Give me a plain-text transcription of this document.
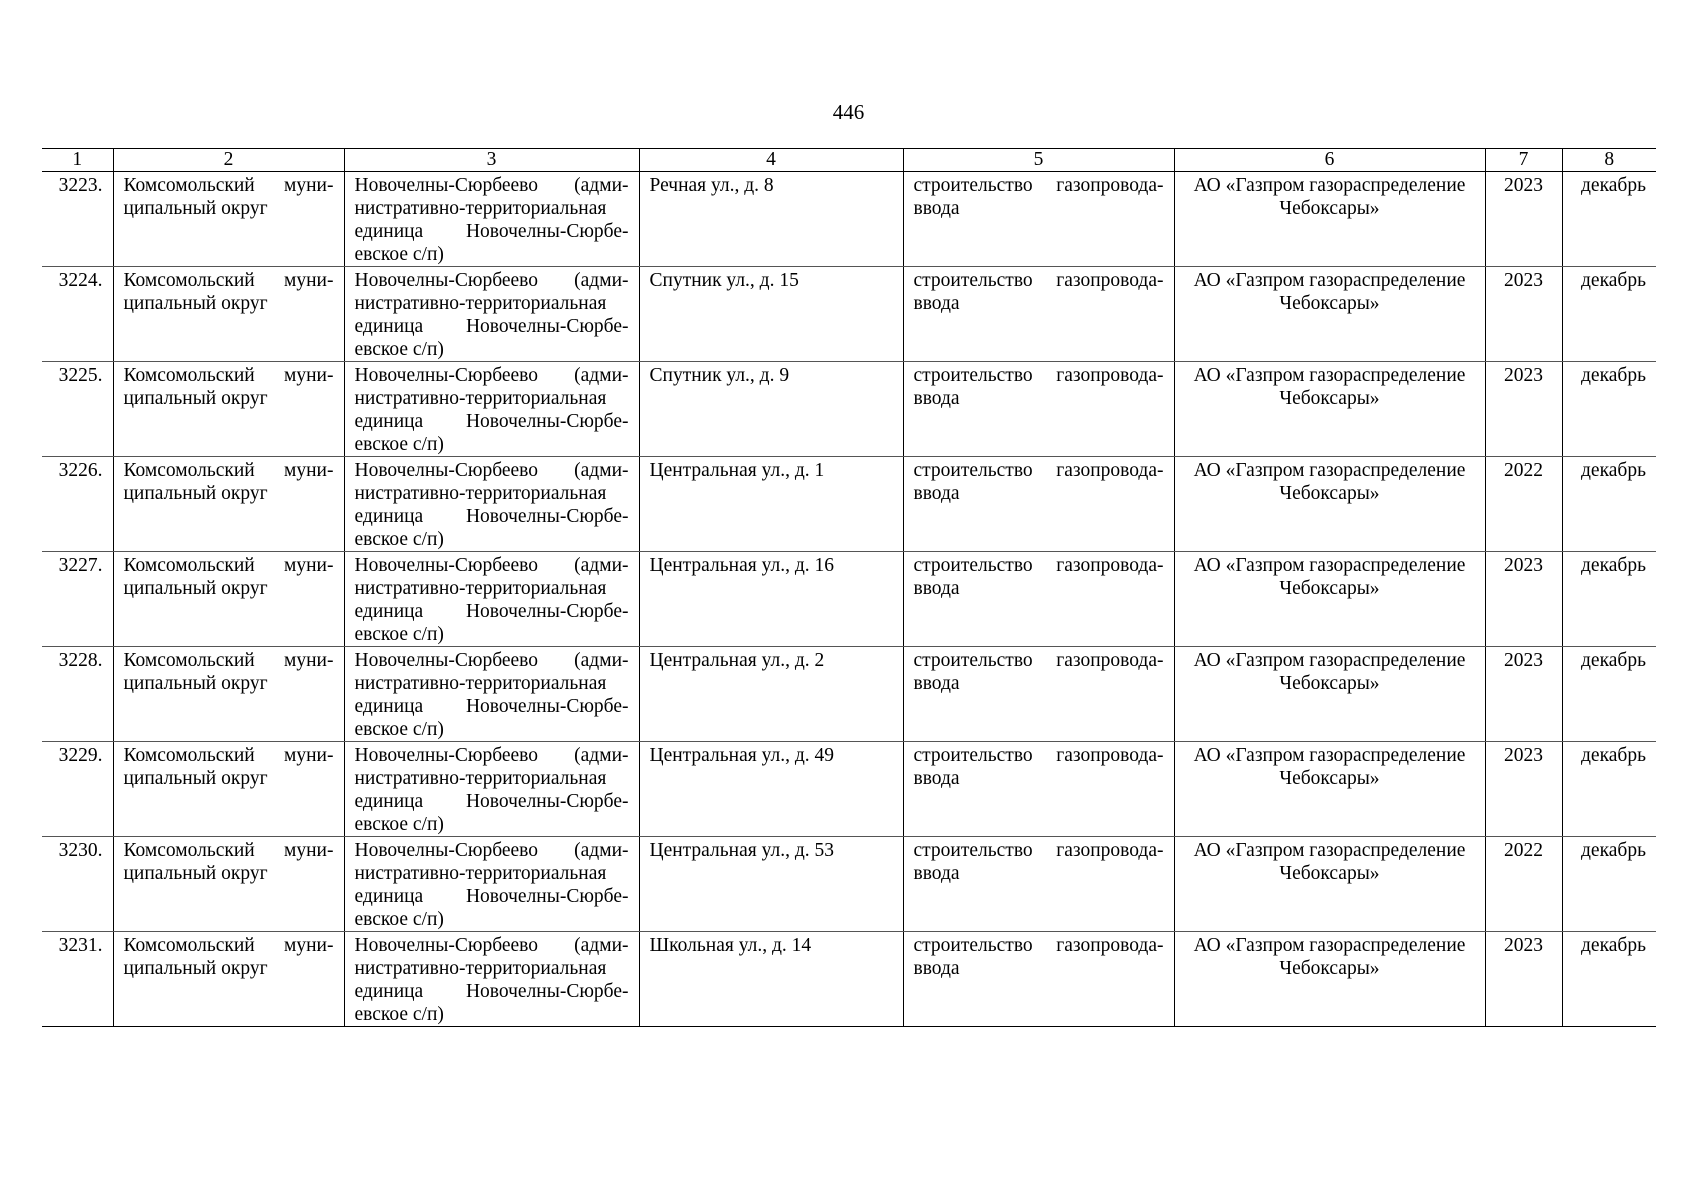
446
1	2	3	4	5	6	7	8
3223.	Комсомольский муниципальный округ	Новочелны-Сюрбеево (административно-территориальная единица Новочелны-Сюрбеевское с/п)	Речная ул., д. 8	строительство газопровода-ввода	АО «Газпром газораспределение Чебоксары»	2023	декабрь
3224.	Комсомольский муниципальный округ	Новочелны-Сюрбеево (административно-территориальная единица Новочелны-Сюрбеевское с/п)	Спутник ул., д. 15	строительство газопровода-ввода	АО «Газпром газораспределение Чебоксары»	2023	декабрь
3225.	Комсомольский муниципальный округ	Новочелны-Сюрбеево (административно-территориальная единица Новочелны-Сюрбеевское с/п)	Спутник ул., д. 9	строительство газопровода-ввода	АО «Газпром газораспределение Чебоксары»	2023	декабрь
3226.	Комсомольский муниципальный округ	Новочелны-Сюрбеево (административно-территориальная единица Новочелны-Сюрбеевское с/п)	Центральная ул., д. 1	строительство газопровода-ввода	АО «Газпром газораспределение Чебоксары»	2022	декабрь
3227.	Комсомольский муниципальный округ	Новочелны-Сюрбеево (административно-территориальная единица Новочелны-Сюрбеевское с/п)	Центральная ул., д. 16	строительство газопровода-ввода	АО «Газпром газораспределение Чебоксары»	2023	декабрь
3228.	Комсомольский муниципальный округ	Новочелны-Сюрбеево (административно-территориальная единица Новочелны-Сюрбеевское с/п)	Центральная ул., д. 2	строительство газопровода-ввода	АО «Газпром газораспределение Чебоксары»	2023	декабрь
3229.	Комсомольский муниципальный округ	Новочелны-Сюрбеево (административно-территориальная единица Новочелны-Сюрбеевское с/п)	Центральная ул., д. 49	строительство газопровода-ввода	АО «Газпром газораспределение Чебоксары»	2023	декабрь
3230.	Комсомольский муниципальный округ	Новочелны-Сюрбеево (административно-территориальная единица Новочелны-Сюрбеевское с/п)	Центральная ул., д. 53	строительство газопровода-ввода	АО «Газпром газораспределение Чебоксары»	2022	декабрь
3231.	Комсомольский муниципальный округ	Новочелны-Сюрбеево (административно-территориальная единица Новочелны-Сюрбеевское с/п)	Школьная ул., д. 14	строительство газопровода-ввода	АО «Газпром газораспределение Чебоксары»	2023	декабрь
